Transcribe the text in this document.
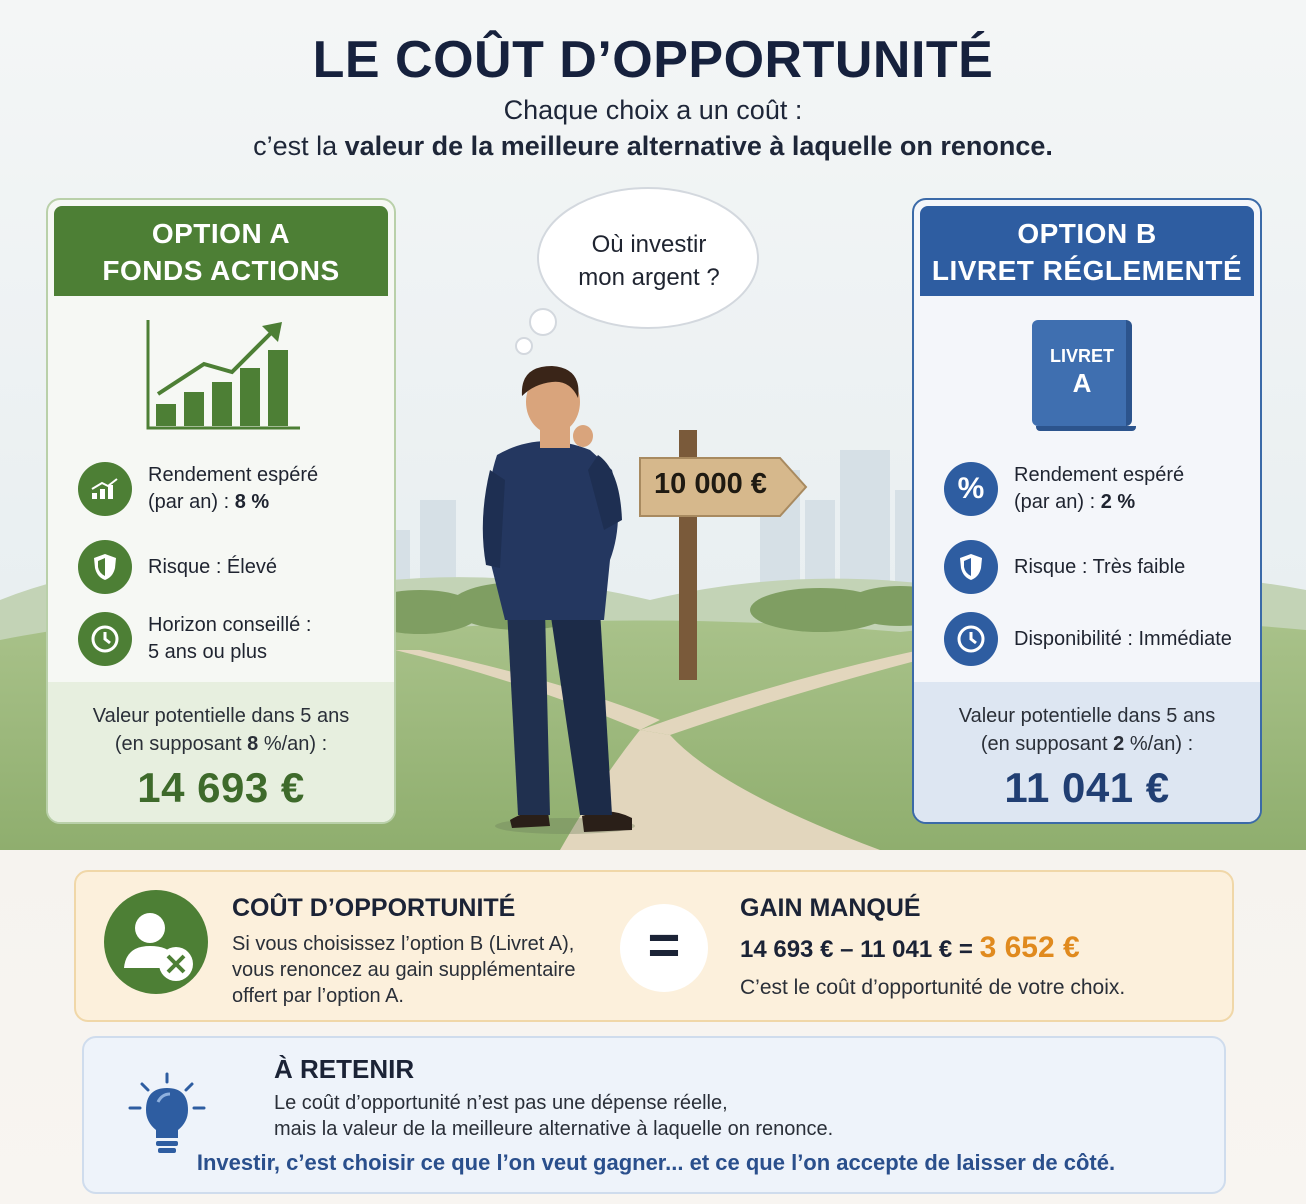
LE COÛT D’OPPORTUNITÉ
Chaque choix a un coût :
c’est la valeur de la meilleure alternative à laquelle on renonce.
Où investir
mon argent ?
10 000 €
OPTION A
FONDS ACTIONS
Rendement espéré
(par an) : 8 %
Risque : Élevé
Horizon conseillé :
5 ans ou plus
Valeur potentielle dans 5 ans
(en supposant 8 %/an) :
14 693 €
OPTION B
LIVRET RÉGLEMENTÉ
LIVRET
A
% Rendement espéré
(par an) : 2 %
Risque : Très faible
Disponibilité : Immédiate
Valeur potentielle dans 5 ans
(en supposant 2 %/an) :
11 041 €
COÛT D’OPPORTUNITÉ
Si vous choisissez l’option B (Livret A),
vous renoncez au gain supplémentaire
offert par l’option A.
=
GAIN MANQUÉ
14 693 € – 11 041 € = 3 652 €
C’est le coût d’opportunité de votre choix.
À RETENIR
Le coût d’opportunité n’est pas une dépense réelle,
mais la valeur de la meilleure alternative à laquelle on renonce.
Investir, c’est choisir ce que l’on veut gagner... et ce que l’on accepte de laisser de côté.
